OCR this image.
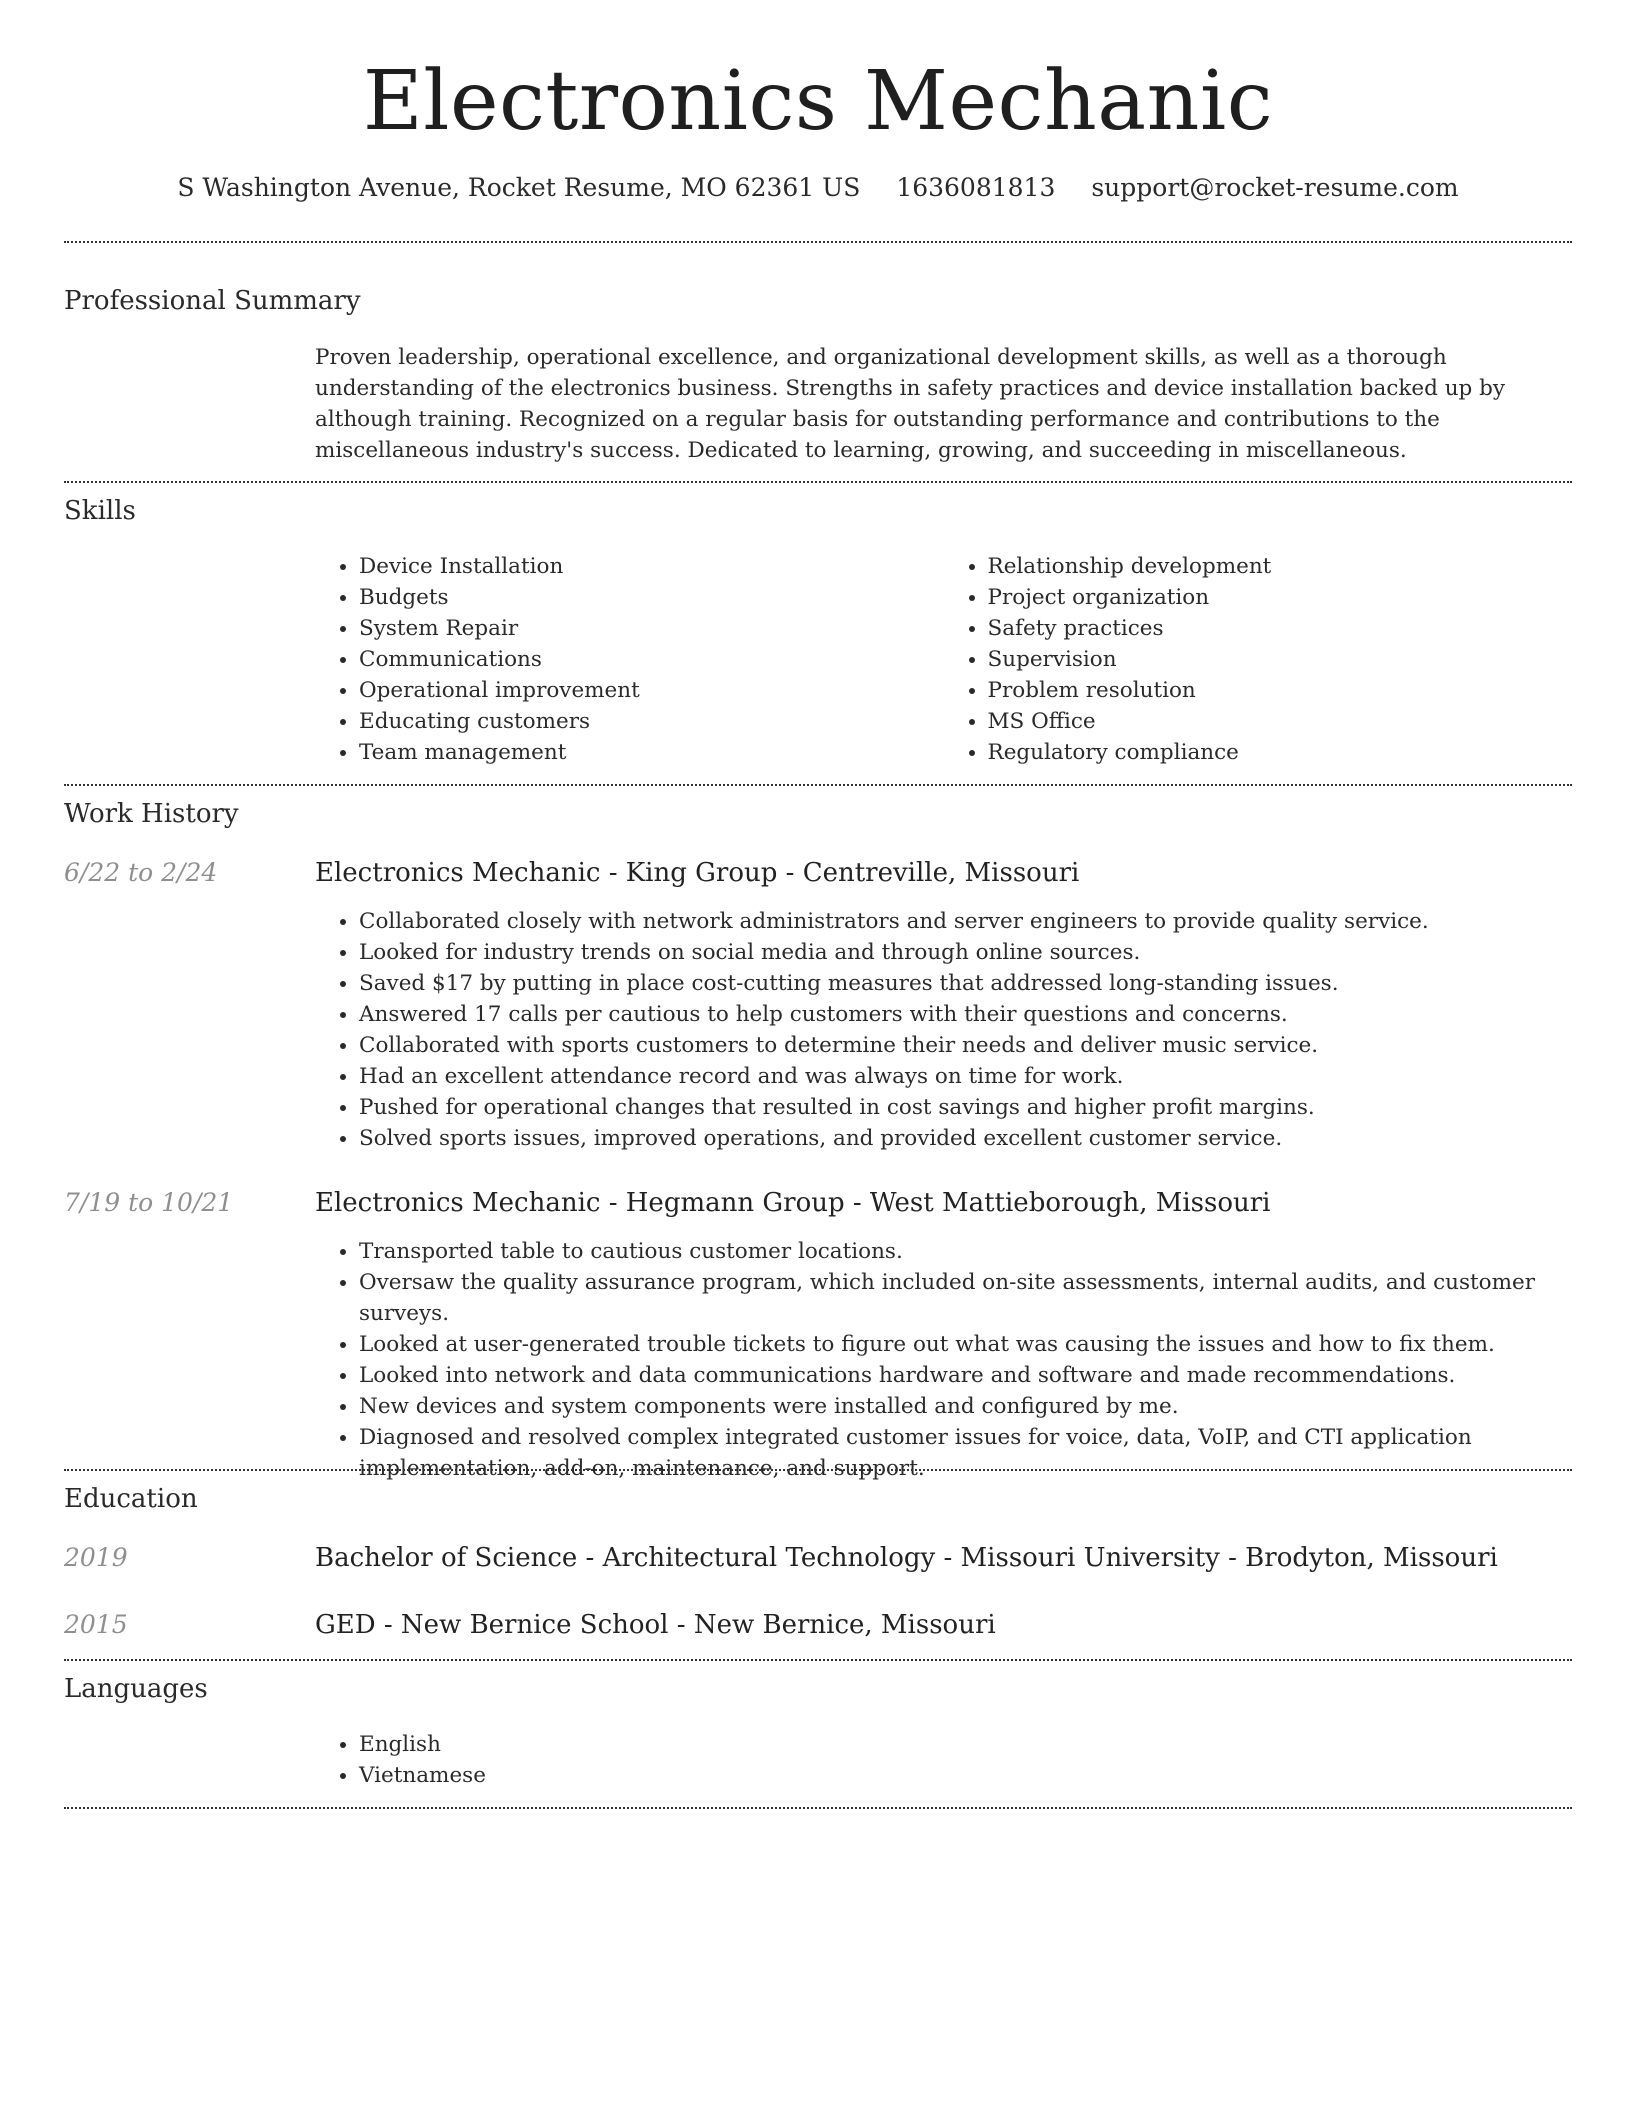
Electronics Mechanic
S Washington Avenue, Rocket Resume, MO 62361 US 1636081813 support@rocket-resume.com
Professional Summary

Proven leadership, operational excellence, and organizational development skills, as well as a thorough understanding of the electronics business. Strengths in safety practices and device installation backed up by although training. Recognized on a regular basis for outstanding performance and contributions to the miscellaneous industry's success. Dedicated to learning, growing, and succeeding in miscellaneous.

Skills
• Device Installation
• Budgets
• System Repair
• Communications
• Operational improvement
• Educating customers
• Team management
• Relationship development
• Project organization
• Safety practices
• Supervision
• Problem resolution
• MS Office
• Regulatory compliance
Work History
6/22 to 2/24	Electronics Mechanic - King Group - Centreville, Missouri
• Collaborated closely with network administrators and server engineers to provide quality service.
• Looked for industry trends on social media and through online sources.
• Saved $17 by putting in place cost-cutting measures that addressed long-standing issues.
• Answered 17 calls per cautious to help customers with their questions and concerns.
• Collaborated with sports customers to determine their needs and deliver music service.
• Had an excellent attendance record and was always on time for work.
• Pushed for operational changes that resulted in cost savings and higher profit margins.
• Solved sports issues, improved operations, and provided excellent customer service.
7/19 to 10/21	Electronics Mechanic - Hegmann Group - West Mattieborough, Missouri
• Transported table to cautious customer locations.
• Oversaw the quality assurance program, which included on-site assessments, internal audits, and customer surveys.
• Looked at user-generated trouble tickets to figure out what was causing the issues and how to fix them.
• Looked into network and data communications hardware and software and made recommendations.
• New devices and system components were installed and configured by me.
• Diagnosed and resolved complex integrated customer issues for voice, data, VoIP, and CTI application implementation, add-on, maintenance, and support.
Education
2019	Bachelor of Science - Architectural Technology - Missouri University - Brodyton, Missouri
2015	GED - New Bernice School - New Bernice, Missouri
Languages
• English
• Vietnamese
